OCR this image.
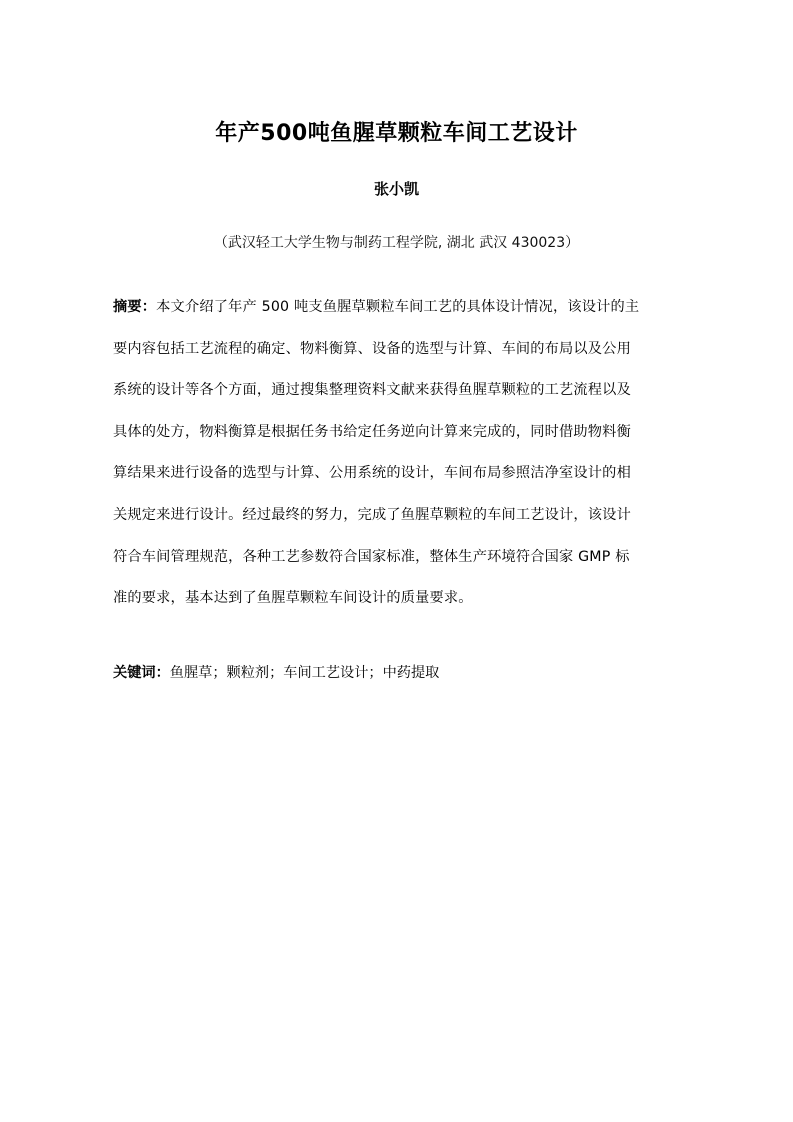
年产500吨鱼腥草颗粒车间工艺设计
张小凯
（武汉轻工大学生物与制药工程学院, 湖北 武汉 430023）
摘要：本文介绍了年产 500 吨支鱼腥草颗粒车间工艺的具体设计情况，该设计的主
要内容包括工艺流程的确定、物料衡算、设备的选型与计算、车间的布局以及公用
系统的设计等各个方面，通过搜集整理资料文献来获得鱼腥草颗粒的工艺流程以及
具体的处方，物料衡算是根据任务书给定任务逆向计算来完成的，同时借助物料衡
算结果来进行设备的选型与计算、公用系统的设计，车间布局参照洁净室设计的相
关规定来进行设计。经过最终的努力，完成了鱼腥草颗粒的车间工艺设计，该设计
符合车间管理规范，各种工艺参数符合国家标准，整体生产环境符合国家 GMP 标
准的要求，基本达到了鱼腥草颗粒车间设计的质量要求。
关键词：鱼腥草；颗粒剂；车间工艺设计；中药提取
